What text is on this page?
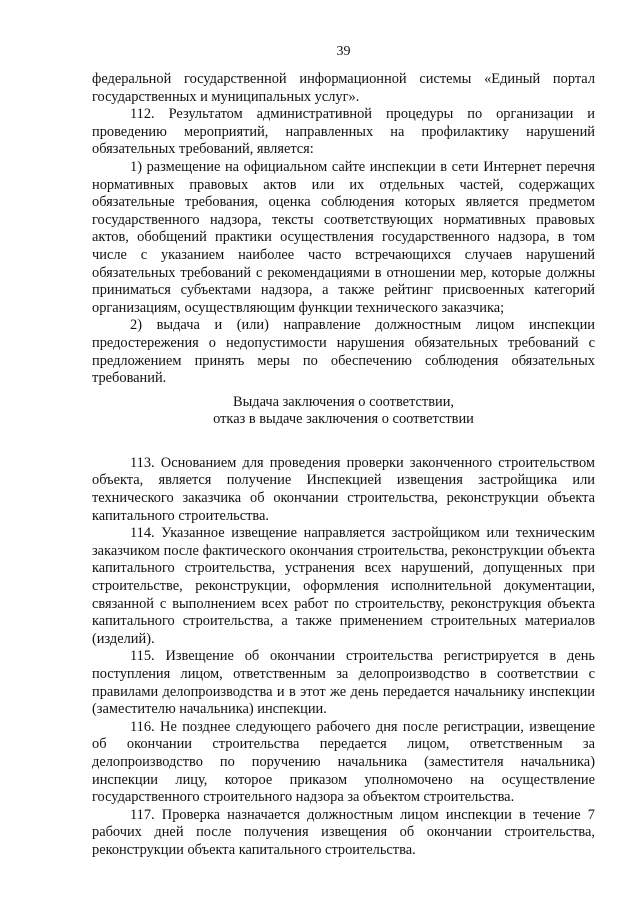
39

федеральной государственной информационной системы «Единый портал государственных и муниципальных услуг».

112. Результатом административной процедуры по организации и проведению мероприятий, направленных на профилактику нарушений обязательных требований, является:

1) размещение на официальном сайте инспекции в сети Интернет перечня нормативных правовых актов или их отдельных частей, содержащих обязательные требования, оценка соблюдения которых является предметом государственного надзора, тексты соответствующих нормативных правовых актов, обобщений практики осуществления государственного надзора, в том числе с указанием наиболее часто встречающихся случаев нарушений обязательных требований с рекомендациями в отношении мер, которые должны приниматься субъектами надзора, а также рейтинг присвоенных категорий организациям, осуществляющим функции технического заказчика;

2) выдача и (или) направление должностным лицом инспекции предостережения о недопустимости нарушения обязательных требований с предложением принять меры по обеспечению соблюдения обязательных требований.

Выдача заключения о соответствии,
отказ в выдаче заключения о соответствии

113. Основанием для проведения проверки законченного строительством объекта, является получение Инспекцией извещения застройщика или технического заказчика об окончании строительства, реконструкции объекта капитального строительства.

114. Указанное извещение направляется застройщиком или техническим заказчиком после фактического окончания строительства, реконструкции объекта капитального строительства, устранения всех нарушений, допущенных при строительстве, реконструкции, оформления исполнительной документации, связанной с выполнением всех работ по строительству, реконструкция объекта капитального строительства, а также применением строительных материалов (изделий).

115. Извещение об окончании строительства регистрируется в день поступления лицом, ответственным за делопроизводство в соответствии с правилами делопроизводства и в этот же день передается начальнику инспекции (заместителю начальника) инспекции.

116. Не позднее следующего рабочего дня после регистрации, извещение об окончании строительства передается лицом, ответственным за делопроизводство по поручению начальника (заместителя начальника) инспекции лицу, которое приказом уполномочено на осуществление государственного строительного надзора за объектом строительства.

117. Проверка назначается должностным лицом инспекции в течение 7 рабочих дней после получения извещения об окончании строительства, реконструкции объекта капитального строительства.
